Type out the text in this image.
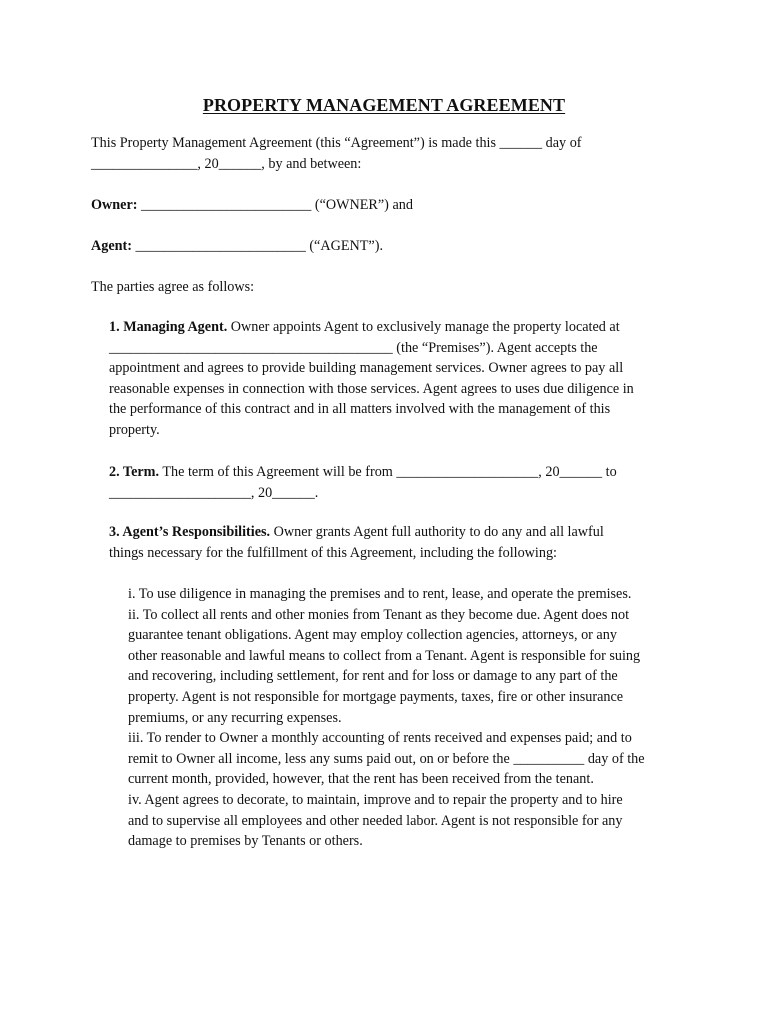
PROPERTY MANAGEMENT AGREEMENT
This Property Management Agreement (this “Agreement”) is made this ______ day of
_______________, 20______, by and between:
Owner: ________________________ (“OWNER”) and
Agent: ________________________ (“AGENT”).
The parties agree as follows:
1. Managing Agent. Owner appoints Agent to exclusively manage the property located at
________________________________________ (the “Premises”). Agent accepts the
appointment and agrees to provide building management services. Owner agrees to pay all
reasonable expenses in connection with those services. Agent agrees to uses due diligence in
the performance of this contract and in all matters involved with the management of this
property.
2. Term. The term of this Agreement will be from ____________________, 20______ to
____________________, 20______.
3. Agent’s Responsibilities. Owner grants Agent full authority to do any and all lawful
things necessary for the fulfillment of this Agreement, including the following:
i. To use diligence in managing the premises and to rent, lease, and operate the premises.
ii. To collect all rents and other monies from Tenant as they become due. Agent does not
guarantee tenant obligations. Agent may employ collection agencies, attorneys, or any
other reasonable and lawful means to collect from a Tenant. Agent is responsible for suing
and recovering, including settlement, for rent and for loss or damage to any part of the
property. Agent is not responsible for mortgage payments, taxes, fire or other insurance
premiums, or any recurring expenses.
iii. To render to Owner a monthly accounting of rents received and expenses paid; and to
remit to Owner all income, less any sums paid out, on or before the __________ day of the
current month, provided, however, that the rent has been received from the tenant.
iv. Agent agrees to decorate, to maintain, improve and to repair the property and to hire
and to supervise all employees and other needed labor. Agent is not responsible for any
damage to premises by Tenants or others.
